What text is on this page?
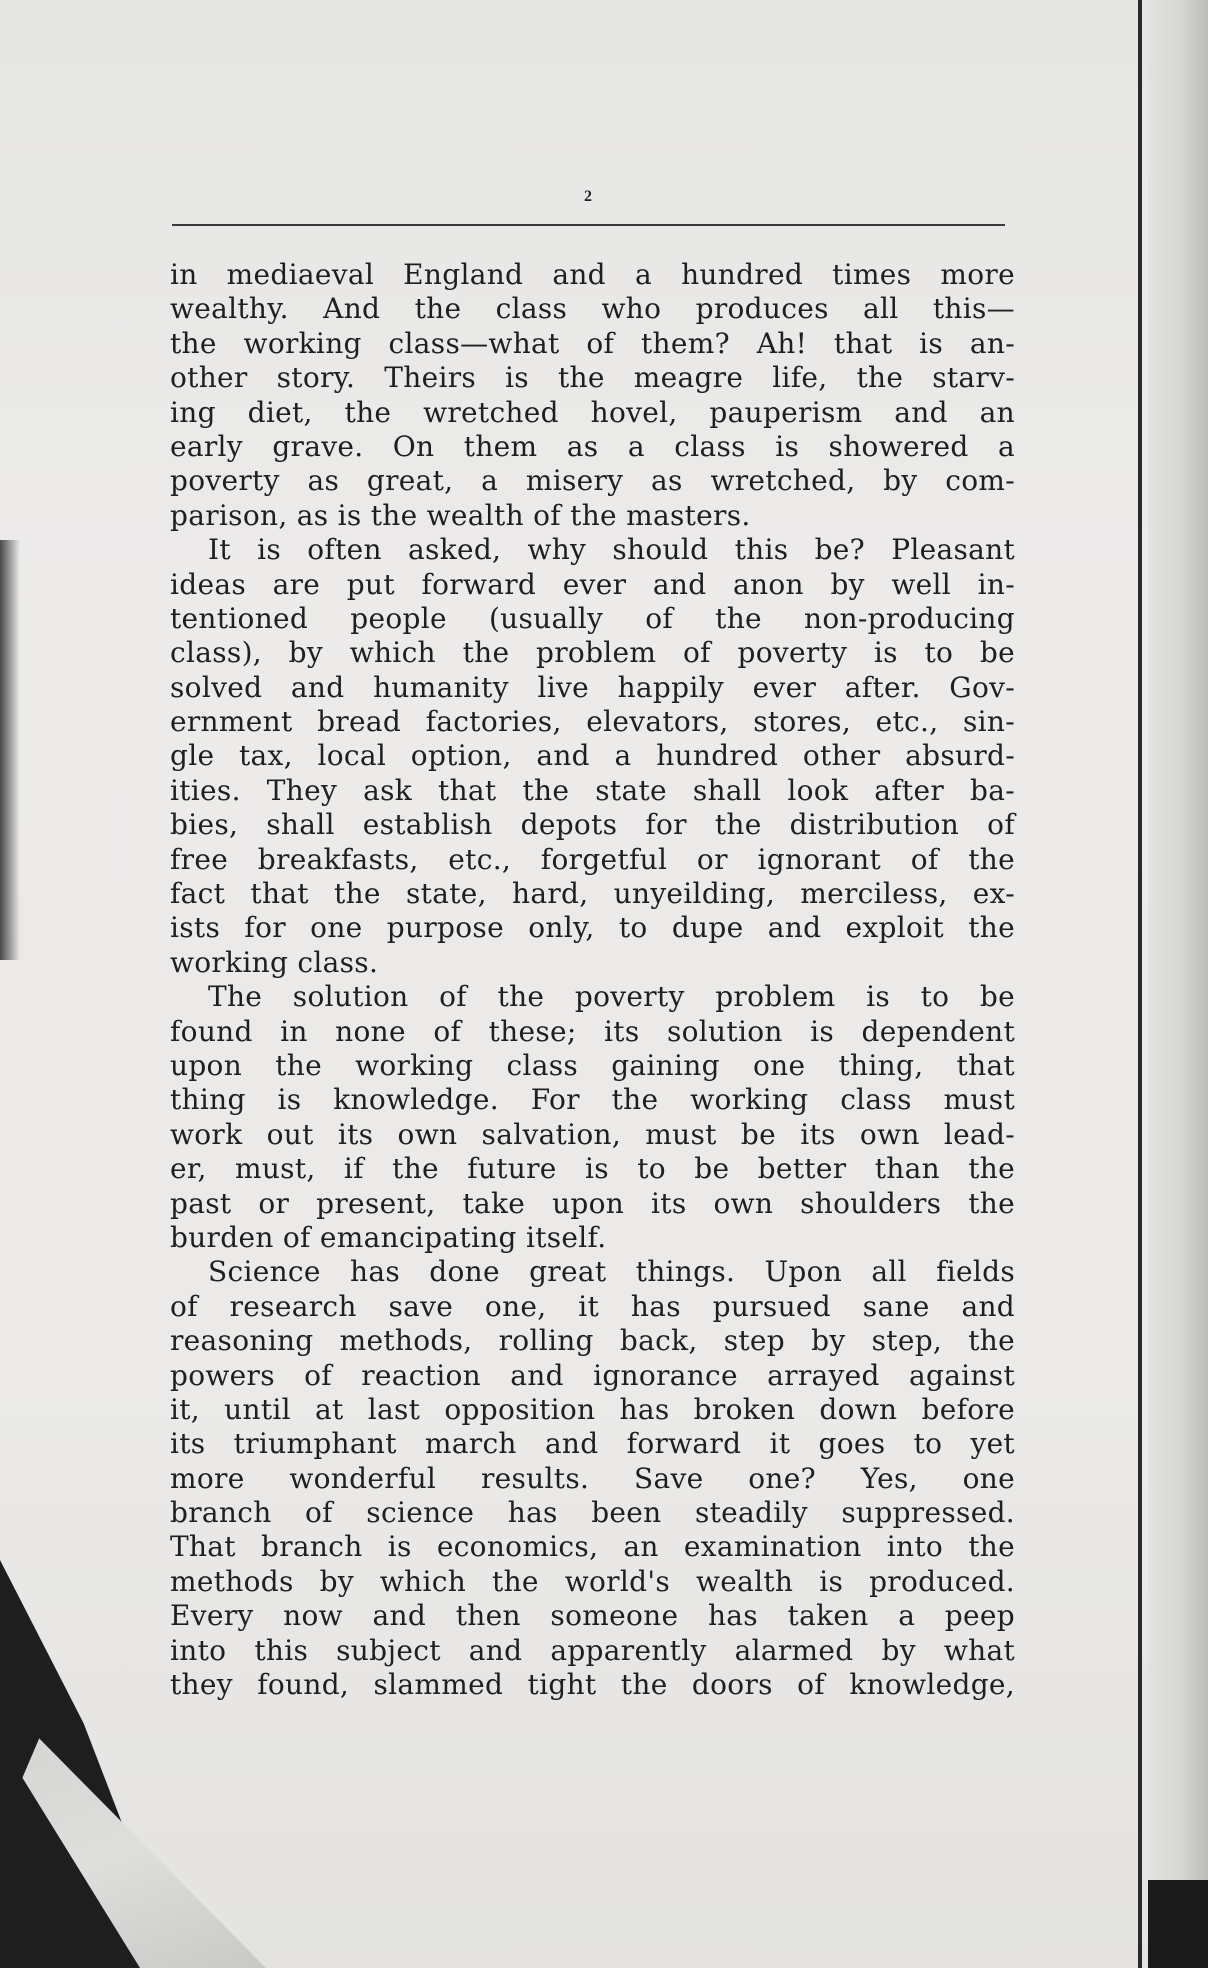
2
in mediaeval England and a hundred times more
wealthy. And the class who produces all this—
the working class—what of them? Ah! that is an-
other story. Theirs is the meagre life, the starv-
ing diet, the wretched hovel, pauperism and an
early grave. On them as a class is showered a
poverty as great, a misery as wretched, by com-
parison, as is the wealth of the masters.
It is often asked, why should this be? Pleasant
ideas are put forward ever and anon by well in-
tentioned people (usually of the non-producing
class), by which the problem of poverty is to be
solved and humanity live happily ever after. Gov-
ernment bread factories, elevators, stores, etc., sin-
gle tax, local option, and a hundred other absurd-
ities. They ask that the state shall look after ba-
bies, shall establish depots for the distribution of
free breakfasts, etc., forgetful or ignorant of the
fact that the state, hard, unyeilding, merciless, ex-
ists for one purpose only, to dupe and exploit the
working class.
The solution of the poverty problem is to be
found in none of these; its solution is dependent
upon the working class gaining one thing, that
thing is knowledge. For the working class must
work out its own salvation, must be its own lead-
er, must, if the future is to be better than the
past or present, take upon its own shoulders the
burden of emancipating itself.
Science has done great things. Upon all fields
of research save one, it has pursued sane and
reasoning methods, rolling back, step by step, the
powers of reaction and ignorance arrayed against
it, until at last opposition has broken down before
its triumphant march and forward it goes to yet
more wonderful results. Save one? Yes, one
branch of science has been steadily suppressed.
That branch is economics, an examination into the
methods by which the world's wealth is produced.
Every now and then someone has taken a peep
into this subject and apparently alarmed by what
they found, slammed tight the doors of knowledge,
